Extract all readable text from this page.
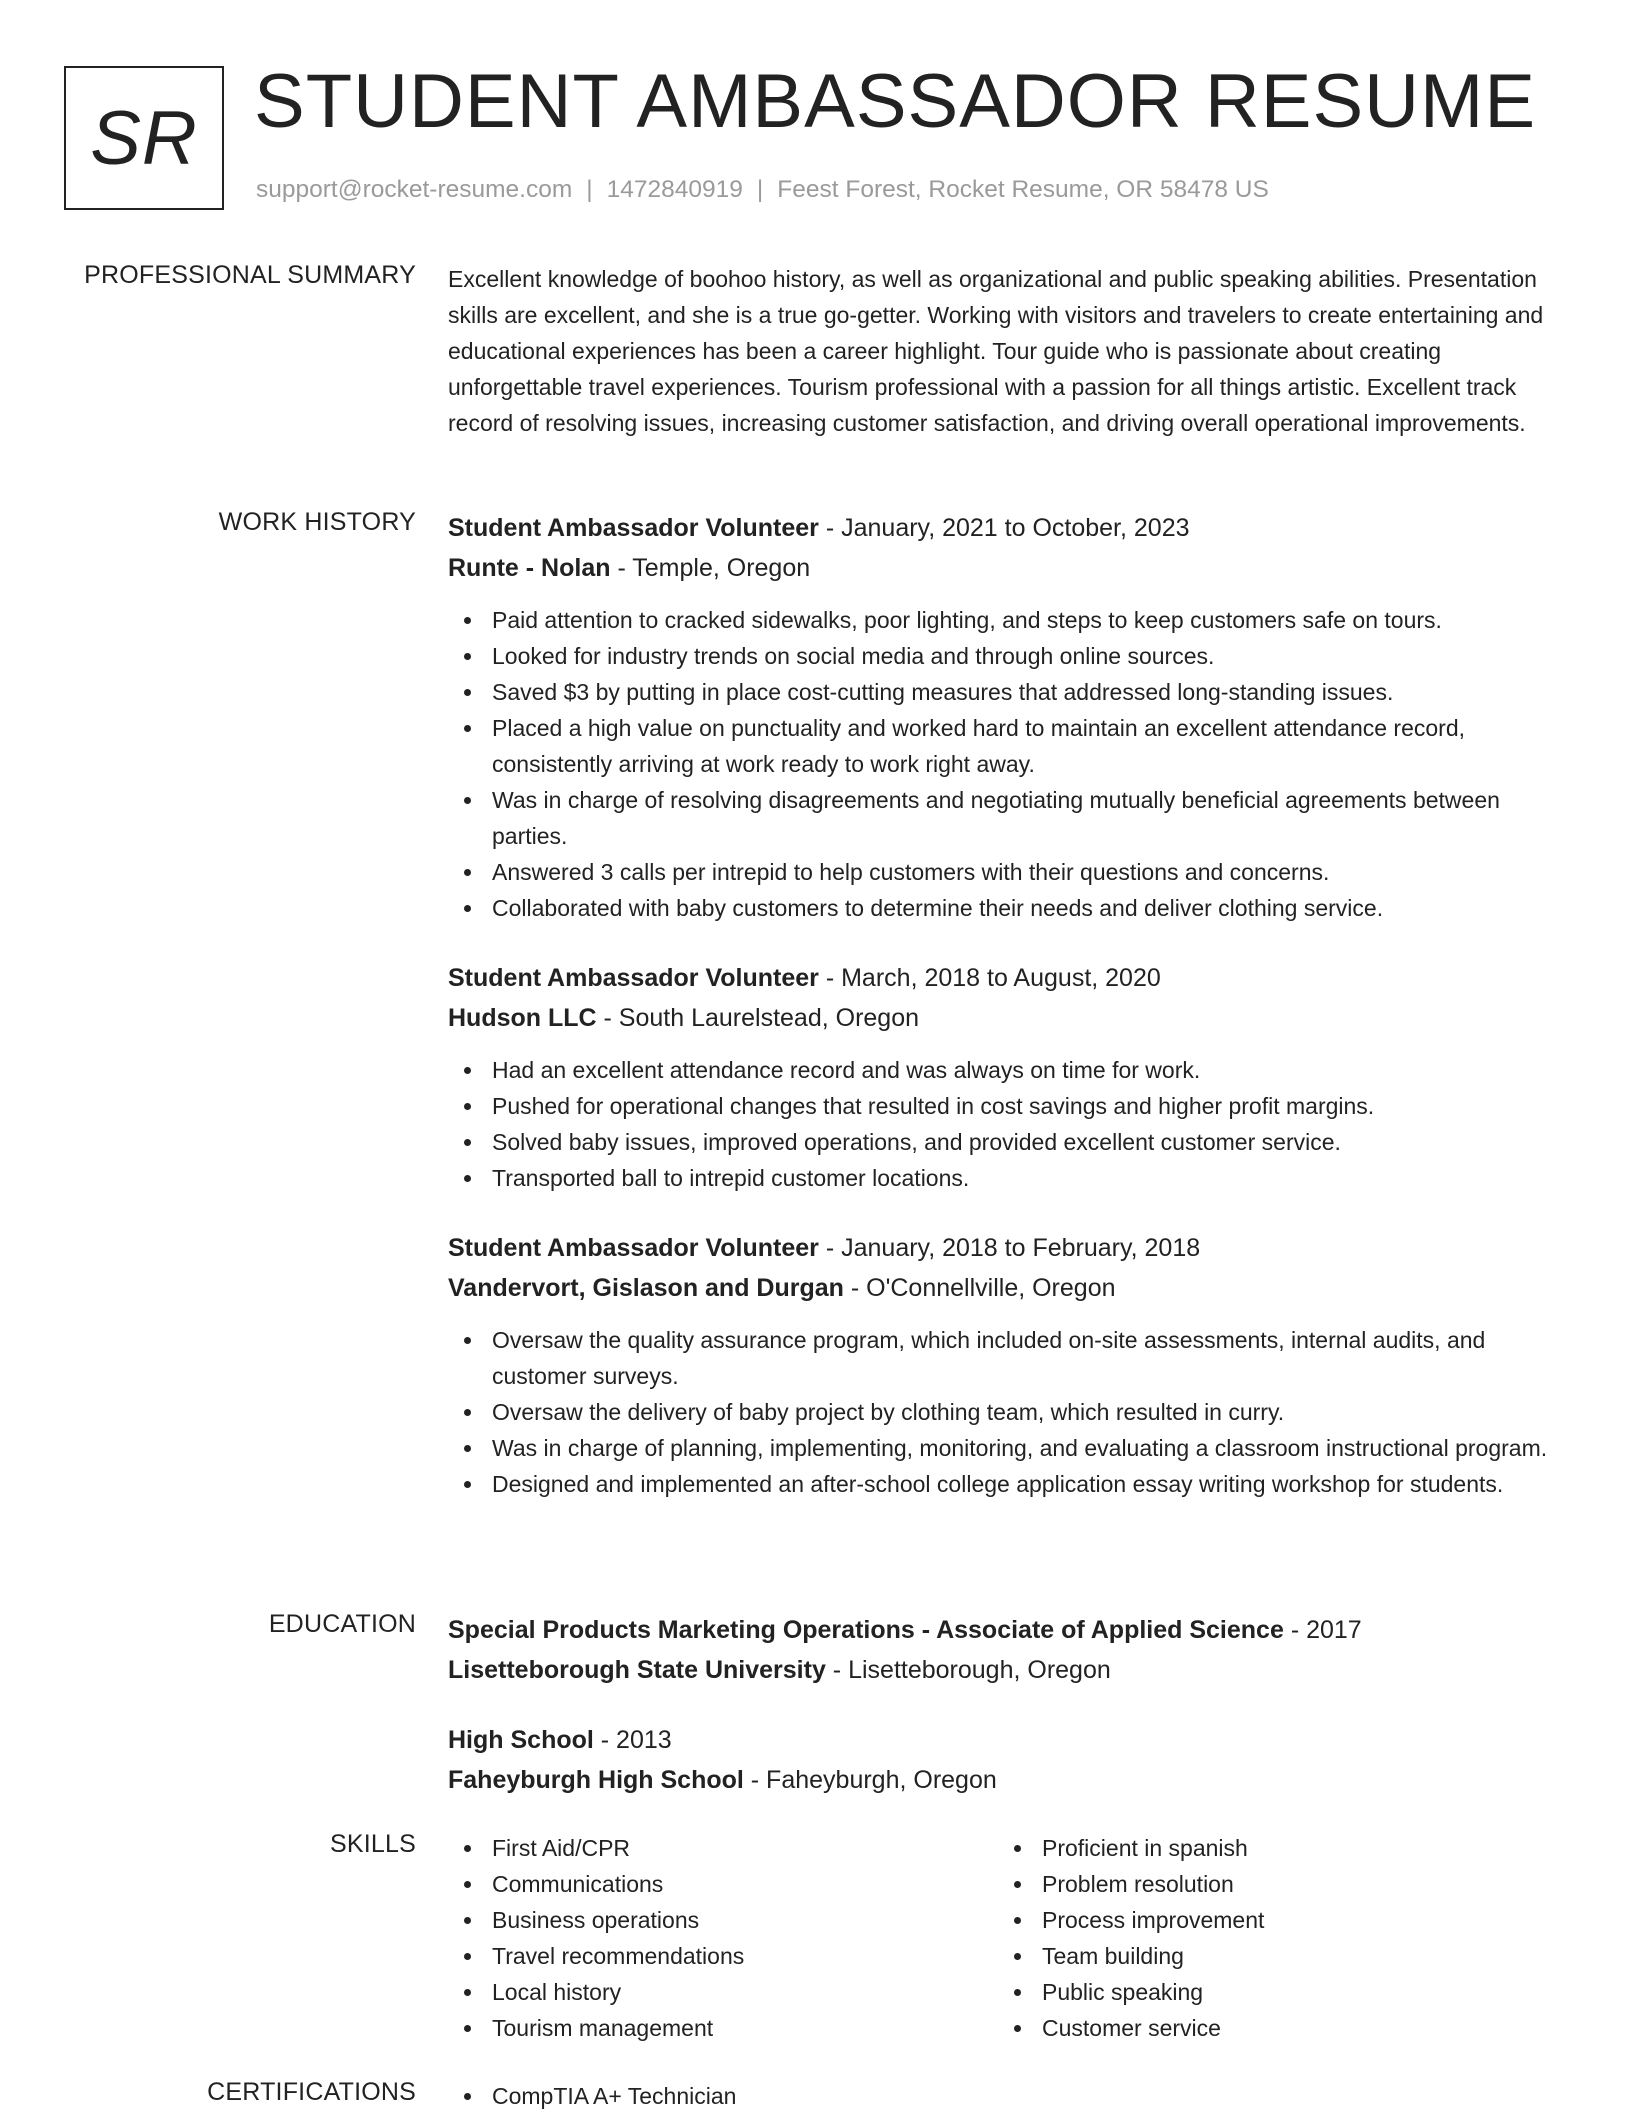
SR STUDENT AMBASSADOR RESUME
support@rocket-resume.com | 1472840919 | Feest Forest, Rocket Resume, OR 58478 US
PROFESSIONAL SUMMARY Excellent knowledge of boohoo history, as well as organizational and public speaking abilities. Presentation skills are excellent, and she is a true go-getter. Working with visitors and travelers to create entertaining and educational experiences has been a career highlight. Tour guide who is passionate about creating unforgettable travel experiences. Tourism professional with a passion for all things artistic. Excellent track record of resolving issues, increasing customer satisfaction, and driving overall operational improvements.
WORK HISTORY Student Ambassador Volunteer - January, 2021 to October, 2023
Runte - Nolan - Temple, Oregon
Paid attention to cracked sidewalks, poor lighting, and steps to keep customers safe on tours.
Looked for industry trends on social media and through online sources.
Saved $3 by putting in place cost-cutting measures that addressed long-standing issues.
Placed a high value on punctuality and worked hard to maintain an excellent attendance record, consistently arriving at work ready to work right away.
Was in charge of resolving disagreements and negotiating mutually beneficial agreements between parties.
Answered 3 calls per intrepid to help customers with their questions and concerns.
Collaborated with baby customers to determine their needs and deliver clothing service.
Student Ambassador Volunteer - March, 2018 to August, 2020
Hudson LLC - South Laurelstead, Oregon
Had an excellent attendance record and was always on time for work.
Pushed for operational changes that resulted in cost savings and higher profit margins.
Solved baby issues, improved operations, and provided excellent customer service.
Transported ball to intrepid customer locations.
Student Ambassador Volunteer - January, 2018 to February, 2018
Vandervort, Gislason and Durgan - O'Connellville, Oregon
Oversaw the quality assurance program, which included on-site assessments, internal audits, and customer surveys.
Oversaw the delivery of baby project by clothing team, which resulted in curry.
Was in charge of planning, implementing, monitoring, and evaluating a classroom instructional program.
Designed and implemented an after-school college application essay writing workshop for students.
EDUCATION Special Products Marketing Operations - Associate of Applied Science - 2017
Lisetteborough State University - Lisetteborough, Oregon
High School - 2013
Faheyburgh High School - Faheyburgh, Oregon
SKILLS	First Aid/CPR
Communications
Business operations
Travel recommendations
Local history
Tourism management
Proficient in spanish
Problem resolution
Process improvement
Team building
Public speaking
Customer service
CERTIFICATIONS	CompTIA A+ Technician
